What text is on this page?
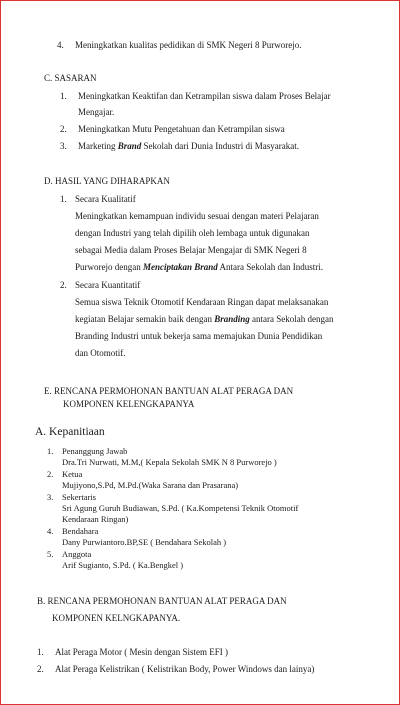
4. Meningkatkan kualitas pedidikan di SMK Negeri 8 Purworejo.
C. SASARAN
1. Meningkatkan Keaktifan dan Ketrampilan siswa dalam Proses Belajar
Mengajar.
2. Meningkatkan Mutu Pengetahuan dan Ketrampilan siswa
3. Marketing Brand Sekolah dari Dunia Industri di Masyarakat.
D. HASIL YANG DIHARAPKAN
1. Secara Kualitatif
Meningkatkan kemampuan individu sesuai dengan materi Pelajaran
dengan Industri yang telah dipilih oleh lembaga untuk digunakan
sebagai Media dalam Proses Belajar Mengajar di SMK Negeri 8
Purworejo dengan Menciptakan Brand Antara Sekolah dan Industri.
2. Secara Kuantitatif
Semua siswa Teknik Otomotif Kendaraan Ringan dapat melaksanakan
kegiatan Belajar semakin baik dengan Branding antara Sekolah dengan
Branding Industri untuk bekerja sama memajukan Dunia Pendidikan
dan Otomotif.
E. RENCANA PERMOHONAN BANTUAN ALAT PERAGA DAN
KOMPONEN KELENGKAPANYA
A. Kepanitiaan
1. Penanggung Jawab
Dra.Tri Nurwati, M.M,( Kepala Sekolah SMK N 8 Purworejo )
2. Ketua
Mujiyono,S.Pd, M.Pd.(Waka Sarana dan Prasarana)
3. Sekertaris
Sri Agung Guruh Budiawan, S.Pd. ( Ka.Kompetensi Teknik Otomotif
Kendaraan Ringan)
4. Bendahara
Dany Purwiantoro.BP,SE ( Bendahara Sekolah )
5. Anggota
Arif Sugianto, S.Pd. ( Ka.Bengkel )
B. RENCANA PERMOHONAN BANTUAN ALAT PERAGA DAN
KOMPONEN KELNGKAPANYA.
1. Alat Peraga Motor ( Mesin dengan Sistem EFI )
2. Alat Peraga Kelistrikan ( Kelistrikan Body, Power Windows dan lainya)
